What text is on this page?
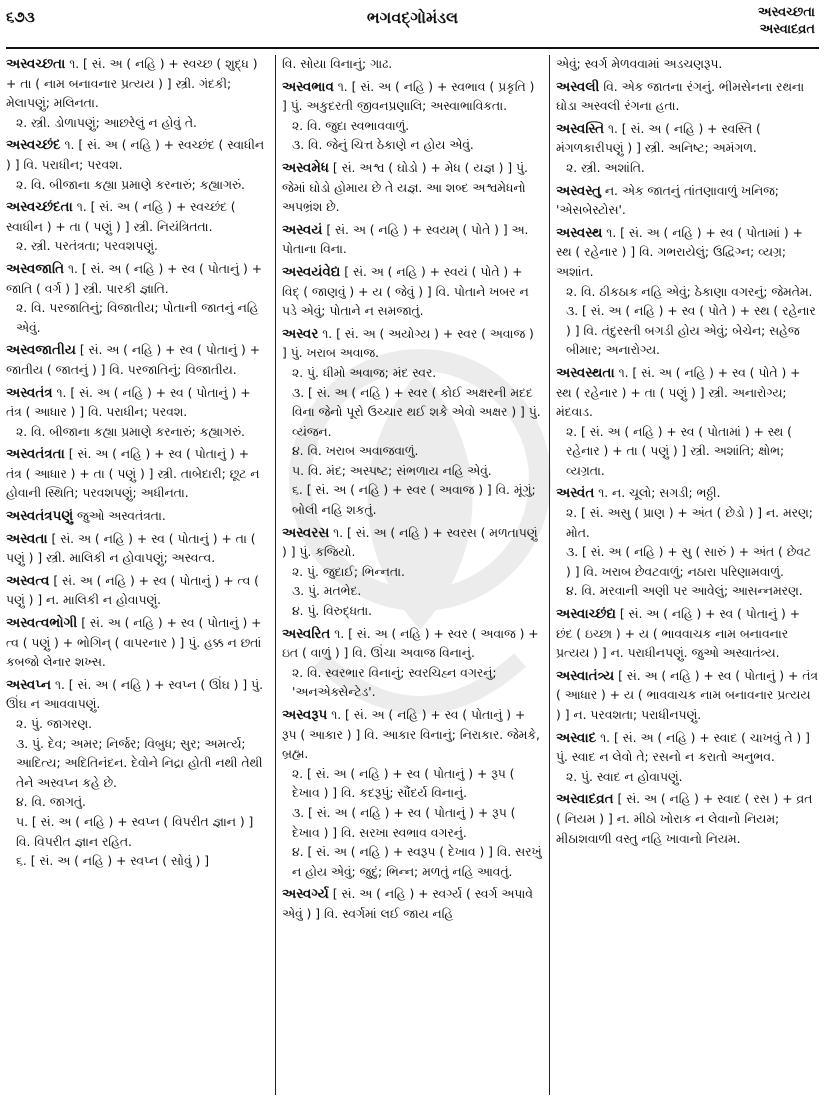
૬૭૩	ભગવદ્ગોમંડલ	અસ્વચ્છતા
અસ્વાદવ્રત

અસ્વચ્છતા ૧. [ સં. અ ( નહિ ) + સ્વચ્છ ( શુદ્ધ ) + તા ( નામ બનાવનાર પ્રત્યય ) ] સ્ત્રી. ગંદકી; મેલાપણું; મલિનતા.

૨. સ્ત્રી. ડોળાપણું; આછરેલું ન હોવું તે.

અસ્વચ્છંદ ૧. [ સં. અ ( નહિ ) + સ્વચ્છંદ ( સ્વાધીન ) ] વિ. પરાધીન; પરવશ.

૨. વિ. બીજાના કહ્યા પ્રમાણે કરનારું; કહ્યાગરું.

અસ્વચ્છંદતા ૧. [ સં. અ ( નહિ ) + સ્વચ્છંદ ( સ્વાધીન ) + તા ( પણું ) ] સ્ત્રી. નિયંત્રિતતા.

૨. સ્ત્રી. પરતંત્રતા; પરવશપણું.

અસ્વજાતિ ૧. [ સં. અ ( નહિ ) + સ્વ ( પોતાનું ) + જાતિ ( વર્ગ ) ] સ્ત્રી. પારકી જ્ઞાતિ.

૨. વિ. પરજાતિનું; વિજાતીય; પોતાની જાતનું નહિ એવું.

અસ્વજાતીય [ સં. અ ( નહિ ) + સ્વ ( પોતાનું ) + જાતીય ( જાતનું ) ] વિ. પરજાતિનું; વિજાતીય.

અસ્વતંત્ર ૧. [ સં. અ ( નહિ ) + સ્વ ( પોતાનું ) + તંત્ર ( આધાર ) ] વિ. પરાધીન; પરવશ.

૨. વિ. બીજાના કહ્યા પ્રમાણે કરનારું; કહ્યાગરું.

અસ્વતંત્રતા [ સં. અ ( નહિ ) + સ્વ ( પોતાનું ) + તંત્ર ( આધાર ) + તા ( પણું ) ] સ્ત્રી. તાબેદારી; છૂટ ન હોવાની સ્થિતિ; પરવશપણું; અધીનતા.

અસ્વતંત્રપણું જુઓ અસ્વતંત્રતા.

અસ્વતા [ સં. અ ( નહિ ) + સ્વ ( પોતાનું ) + તા ( પણું ) ] સ્ત્રી. માલિકી ન હોવાપણું; અસ્વત્વ.

અસ્વત્વ [ સં. અ ( નહિ ) + સ્વ ( પોતાનું ) + ત્વ ( પણું ) ] ન. માલિકી ન હોવાપણું.

અસ્વત્વભોગી [ સં. અ ( નહિ ) + સ્વ ( પોતાનું ) + ત્વ ( પણું ) + ભોગિન્ ( વાપરનાર ) ] પું. હક્ક ન છતાં કબજો લેનાર શખ્સ.

અસ્વપ્ન ૧. [ સં. અ ( નહિ ) + સ્વપ્ન ( ઊંઘ ) ] પું. ઊંઘ ન આવવાપણું.

૨. પું. જાગરણ.

૩. પું. દેવ; અમર; નિર્જર; વિબુધ; સુર; અમર્ત્ય; આદિત્ય; અદિતિનંદન. દેવોને નિદ્રા હોતી નથી તેથી તેને અસ્વપ્ન કહે છે.

૪. વિ. જાગતું.

૫. [ સં. અ ( નહિ ) + સ્વપ્ન ( વિપરીત જ્ઞાન ) ] વિ. વિપરીત જ્ઞાન રહિત.

૬. [ સં. અ ( નહિ ) + સ્વપ્ન ( સોવું ) ]

વિ. સોયા વિનાનું; ગાઢ.

અસ્વભાવ ૧. [ સં. અ ( નહિ ) + સ્વભાવ ( પ્રકૃતિ ) ] પું. અકુદરતી જીવનપ્રણાલિ; અસ્વાભાવિકતા.

૨. વિ. જુદા સ્વભાવવાળું.

૩. વિ. જેનું ચિત્ત ઠેકાણે ન હોય એવું.

અસ્વમેધ [ સં. અશ્વ ( ઘોડો ) + મેધ ( યજ્ઞ ) ] પું. જેમાં ઘોડો હોમાય છે તે યજ્ઞ. આ શબ્દ અશ્વમેધનો અપભ્રંશ છે.

અસ્વયં [ સં. અ ( નહિ ) + સ્વયમ્ ( પોતે ) ] અ. પોતાના વિના.

અસ્વયંવેદ્ય [ સં. અ ( નહિ ) + સ્વયં ( પોતે ) + વિદ્ ( જાણવું ) + ય ( જેવું ) ] વિ. પોતાને ખબર ન પડે એવું; પોતાને ન સમજાતું.

અસ્વર ૧. [ સં. અ ( અયોગ્ય ) + સ્વર ( અવાજ ) ] પું. ખરાબ અવાજ.

૨. પું. ધીમો અવાજ; મંદ સ્વર.

૩. [ સં. અ ( નહિ ) + સ્વર ( કોઈ અક્ષરની મદદ વિના જેનો પૂરો ઉચ્ચાર થઈ શકે એવો અક્ષર ) ] પું. વ્યંજન.

૪. વિ. ખરાબ અવાજવાળું.

૫. વિ. મંદ; અસ્પષ્ટ; સંભળાય નહિ એવું.

૬. [ સં. અ ( નહિ ) + સ્વર ( અવાજ ) ] વિ. મૂંગું; બોલી નહિ શકતું.

અસ્વરસ ૧. [ સં. અ ( નહિ ) + સ્વરસ ( મળતાપણું ) ] પું. કજિયો.

૨. પું. જુદાઈ; ભિન્નતા.

૩. પું. મતભેદ.

૪. પું. વિરુદ્ધતા.

અસ્વરિત ૧. [ સં. અ ( નહિ ) + સ્વર ( અવાજ ) + ઇત ( વાળું ) ] વિ. ઊંચા અવાજ વિનાનું.

૨. વિ. સ્વરભાર વિનાનું; સ્વરચિહ્ન વગરનું; 'અનએક્સેન્ટેડ'.

અસ્વરૂપ ૧. [ સં. અ ( નહિ ) + સ્વ ( પોતાનું ) + રૂપ ( આકાર ) ] વિ. આકાર વિનાનું; નિરાકાર. જેમકે, બ્રહ્મ.

૨. [ સં. અ ( નહિ ) + સ્વ ( પોતાનું ) + રૂપ ( દેખાવ ) ] વિ. કદરૂપું; સૌંદર્ય વિનાનું.

૩. [ સં. અ ( નહિ ) + સ્વ ( પોતાનું ) + રૂપ ( દેખાવ ) ] વિ. સરખા સ્વભાવ વગરનું.

૪. [ સં. અ ( નહિ ) + સ્વરૂપ ( દેખાવ ) ] વિ. સરખું ન હોય એવું; જુદું; ભિન્ન; મળતું નહિ આવતું.

અસ્વર્ગ્ય [ સં. અ ( નહિ ) + સ્વર્ગ્ય ( સ્વર્ગ અપાવે એવું ) ] વિ. સ્વર્ગમાં લઈ જાય નહિ

એવું; સ્વર્ગ મેળવવામાં અડચણરૂપ.

અસ્વલી વિ. એક જાતના રંગનું. ભીમસેનના રથના ઘોડા અસ્વલી રંગના હતા.

અસ્વસ્તિ ૧. [ સં. અ ( નહિ ) + સ્વસ્તિ ( મંગળકારીપણું ) ] સ્ત્રી. અનિષ્ટ; અમંગળ.

૨. સ્ત્રી. અશાંતિ.

અસ્વસ્તુ ન. એક જાતનું તાંતણાવાળું ખનિજ; 'એસબેસ્ટોસ'.

અસ્વસ્થ ૧. [ સં. અ ( નહિ ) + સ્વ ( પોતામાં ) + સ્થ ( રહેનાર ) ] વિ. ગભરાયેલું; ઉદ્વિગ્ન; વ્યગ્ર; અશાંત.

૨. વિ. ઠીકઠાક નહિ એવું; ઠેકાણા વગરનું; જેમતેમ.

૩. [ સં. અ ( નહિ ) + સ્વ ( પોતે ) + સ્થ ( રહેનાર ) ] વિ. તંદુરસ્તી બગડી હોય એવું; બેચેન; સહેજ બીમાર; અનારોગ્ય.

અસ્વસ્થતા ૧. [ સં. અ ( નહિ ) + સ્વ ( પોતે ) + સ્થ ( રહેનાર ) + તા ( પણું ) ] સ્ત્રી. અનારોગ્ય; મંદવાડ.

૨. [ સં. અ ( નહિ ) + સ્વ ( પોતામાં ) + સ્થ ( રહેનાર ) + તા ( પણું ) ] સ્ત્રી. અશાંતિ; ક્ષોભ; વ્યગ્રતા.

અસ્વંત ૧. ન. ચૂલો; સગડી; ભઠ્ઠી.

૨. [ સં. અસુ ( પ્રાણ ) + અંત ( છેડો ) ] ન. મરણ; મોત.

૩. [ સં. અ ( નહિ ) + સુ ( સારું ) + અંત ( છેવટ ) ] વિ. ખરાબ છેવટવાળું; નઠારા પરિણામવાળું.

૪. વિ. મરવાની અણી પર આવેલું; આસન્નમરણ.

અસ્વાચ્છંદ્ય [ સં. અ ( નહિ ) + સ્વ ( પોતાનું ) + છંદ ( ઇચ્છા ) + ય ( ભાવવાચક નામ બનાવનાર પ્રત્યય ) ] ન. પરાધીનપણું. જુઓ અસ્વાતંત્ર્ય.

અસ્વાતંત્ર્ય [ સં. અ ( નહિ ) + સ્વ ( પોતાનું ) + તંત્ર ( આધાર ) + ય ( ભાવવાચક નામ બનાવનાર પ્રત્યય ) ] ન. પરવશતા; પરાધીનપણું.

અસ્વાદ ૧. [ સં. અ ( નહિ ) + સ્વાદ ( ચાખવું તે ) ] પું. સ્વાદ ન લેવો તે; રસનો ન કરાતો અનુભવ.

૨. પું. સ્વાદ ન હોવાપણું.

અસ્વાદવ્રત [ સં. અ ( નહિ ) + સ્વાદ ( રસ ) + વ્રત ( નિયમ ) ] ન. મીઠો ખોરાક ન લેવાનો નિયમ; મીઠાશવાળી વસ્તુ નહિ ખાવાનો નિયમ.
